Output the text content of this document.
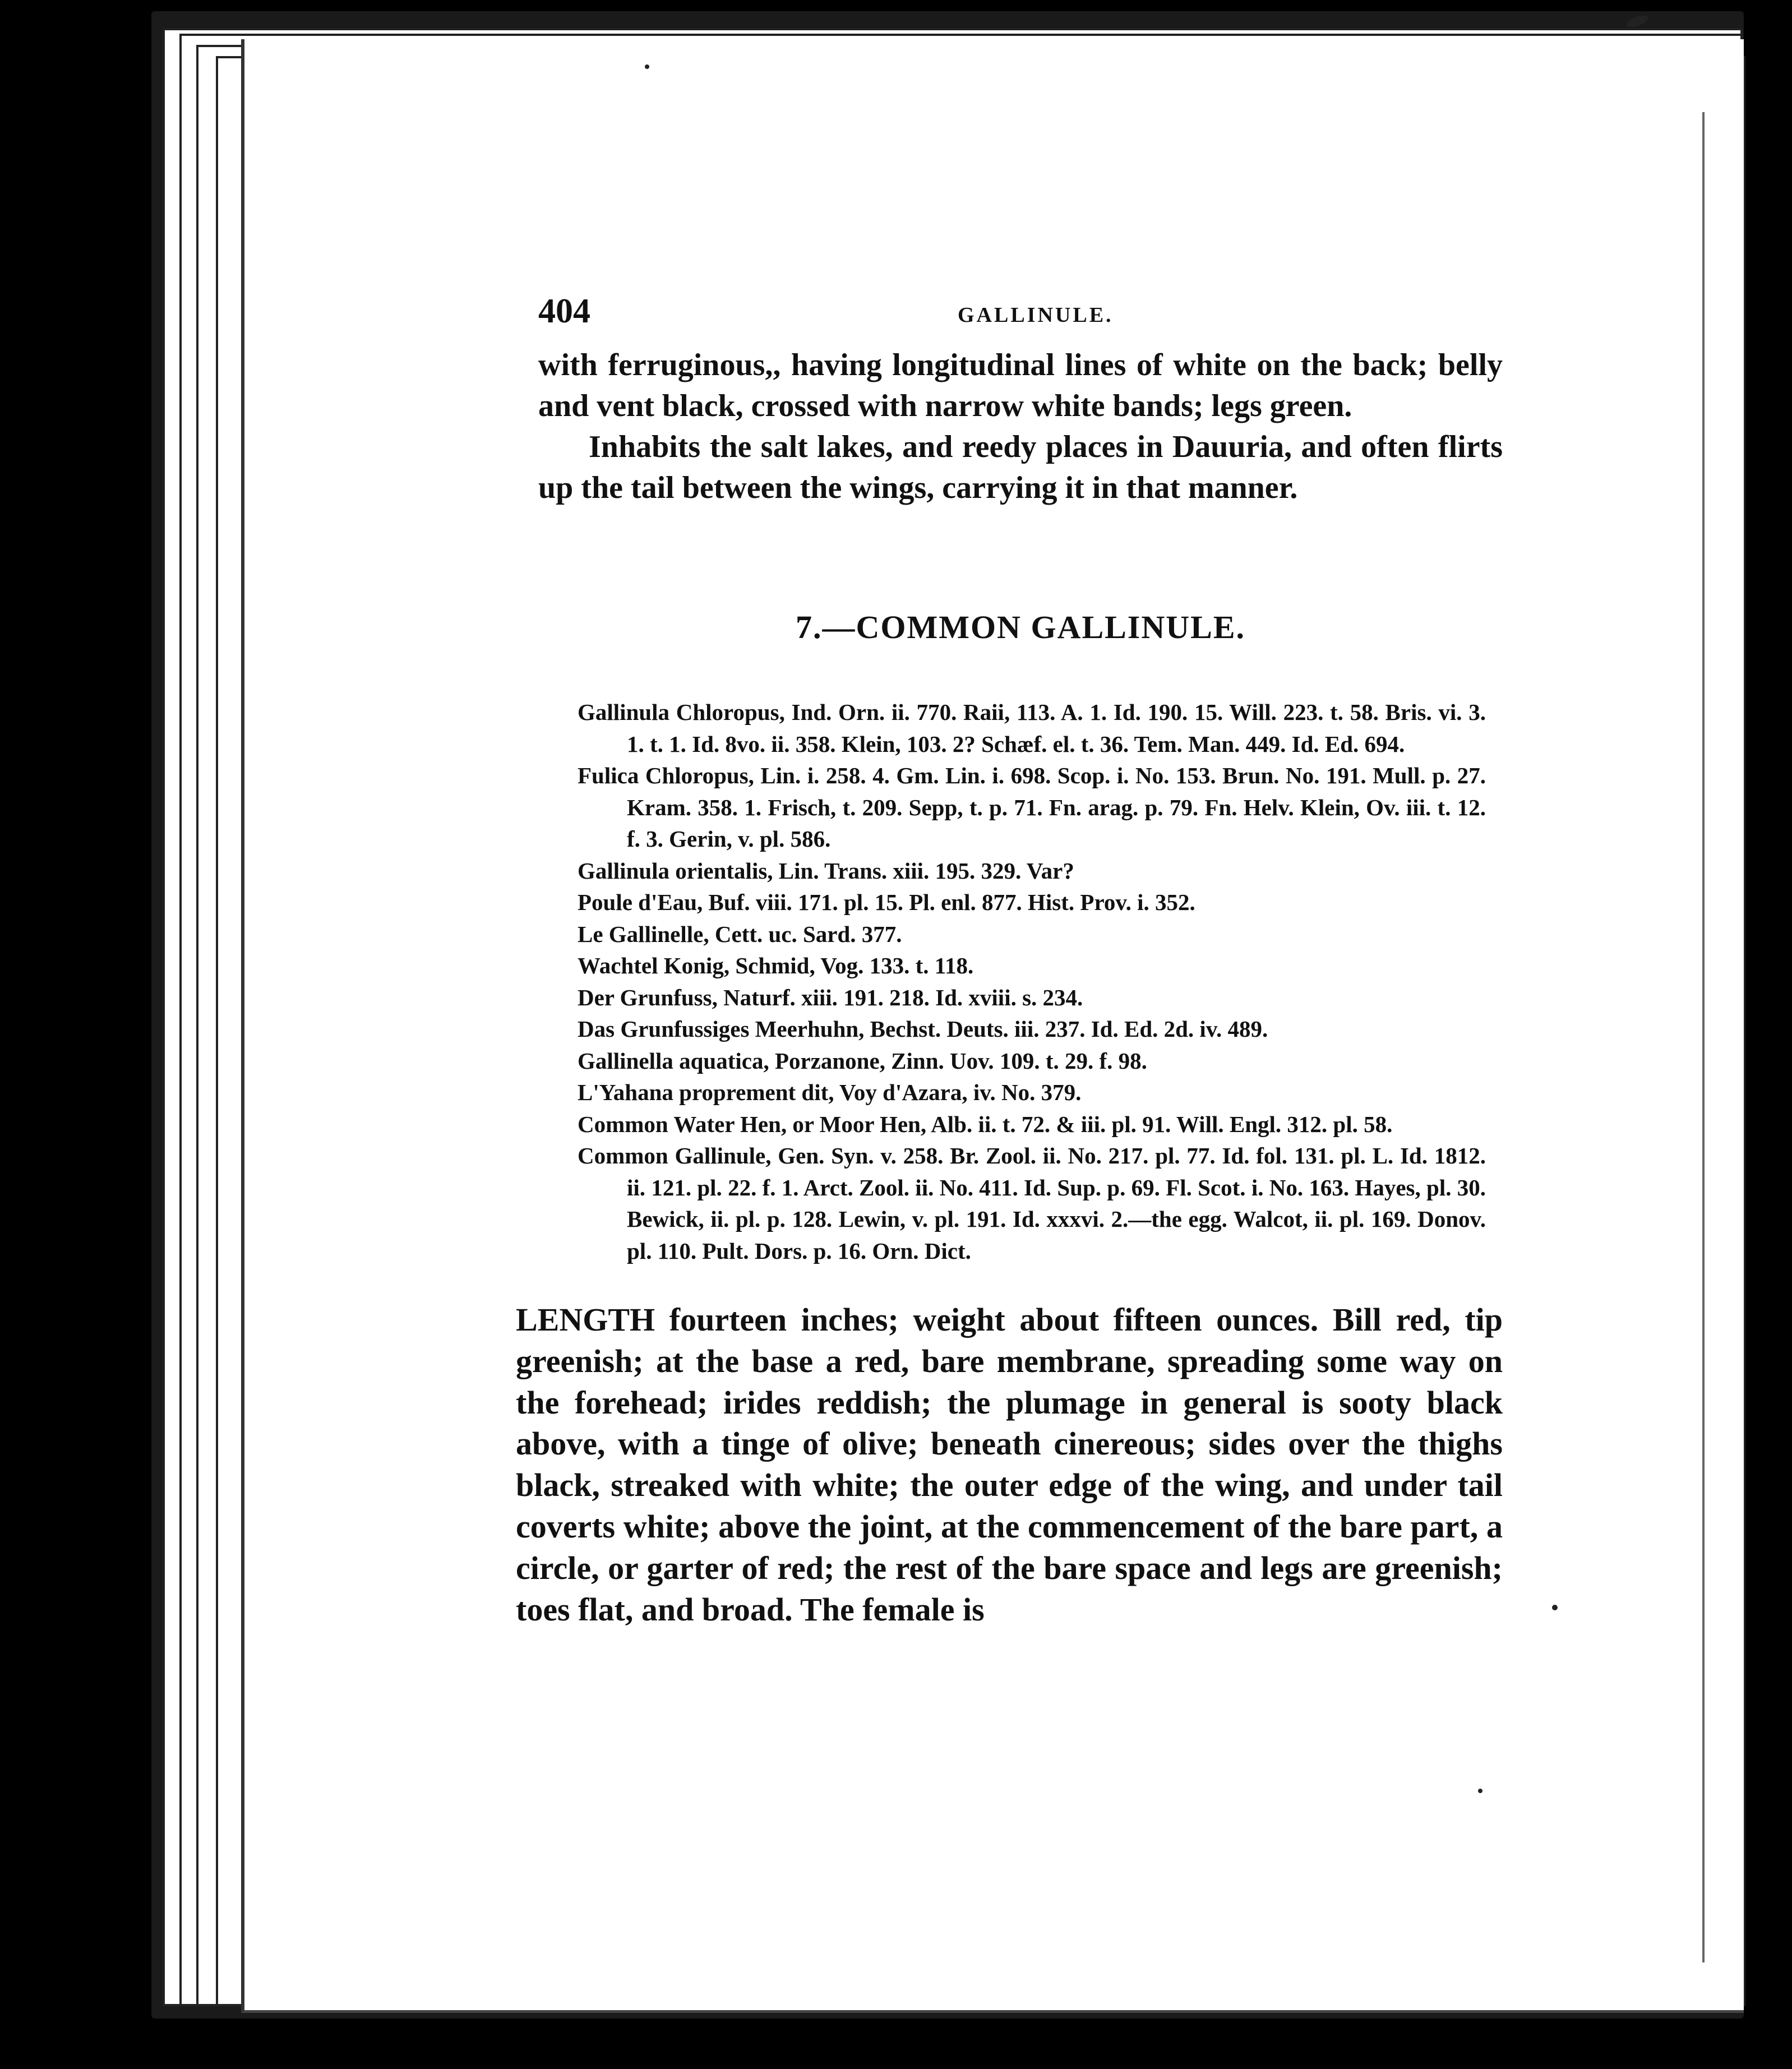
404	GALLINULE.

with ferruginous,, having longitudinal lines of white on the back; belly and vent black, crossed with narrow white bands; legs green.

Inhabits the salt lakes, and reedy places in Dauuria, and often flirts up the tail between the wings, carrying it in that manner.

7.—COMMON GALLINULE.
Gallinula Chloropus, Ind. Orn. ii. 770. Raii, 113. A. 1. Id. 190. 15. Will. 223. t. 58. Bris. vi. 3. 1. t. 1. Id. 8vo. ii. 358. Klein, 103. 2? Schæf. el. t. 36. Tem. Man. 449. Id. Ed. 694.
Fulica Chloropus, Lin. i. 258. 4. Gm. Lin. i. 698. Scop. i. No. 153. Brun. No. 191. Mull. p. 27. Kram. 358. 1. Frisch, t. 209. Sepp, t. p. 71. Fn. arag. p. 79. Fn. Helv. Klein, Ov. iii. t. 12. f. 3. Gerin, v. pl. 586.
Gallinula orientalis, Lin. Trans. xiii. 195. 329. Var?
Poule d'Eau, Buf. viii. 171. pl. 15. Pl. enl. 877. Hist. Prov. i. 352.
Le Gallinelle, Cett. uc. Sard. 377.
Wachtel Konig, Schmid, Vog. 133. t. 118.
Der Grunfuss, Naturf. xiii. 191. 218. Id. xviii. s. 234.
Das Grunfussiges Meerhuhn, Bechst. Deuts. iii. 237. Id. Ed. 2d. iv. 489.
Gallinella aquatica, Porzanone, Zinn. Uov. 109. t. 29. f. 98.
L'Yahana proprement dit, Voy d'Azara, iv. No. 379.
Common Water Hen, or Moor Hen, Alb. ii. t. 72. & iii. pl. 91. Will. Engl. 312. pl. 58.
Common Gallinule, Gen. Syn. v. 258. Br. Zool. ii. No. 217. pl. 77. Id. fol. 131. pl. L. Id. 1812. ii. 121. pl. 22. f. 1. Arct. Zool. ii. No. 411. Id. Sup. p. 69. Fl. Scot. i. No. 163. Hayes, pl. 30. Bewick, ii. pl. p. 128. Lewin, v. pl. 191. Id. xxxvi. 2.—the egg. Walcot, ii. pl. 169. Donov. pl. 110. Pult. Dors. p. 16. Orn. Dict.

LENGTH fourteen inches; weight about fifteen ounces. Bill red, tip greenish; at the base a red, bare membrane, spreading some way on the forehead; irides reddish; the plumage in general is sooty black above, with a tinge of olive; beneath cinereous; sides over the thighs black, streaked with white; the outer edge of the wing, and under tail coverts white; above the joint, at the commencement of the bare part, a circle, or garter of red; the rest of the bare space and legs are greenish; toes flat, and broad. The female is
